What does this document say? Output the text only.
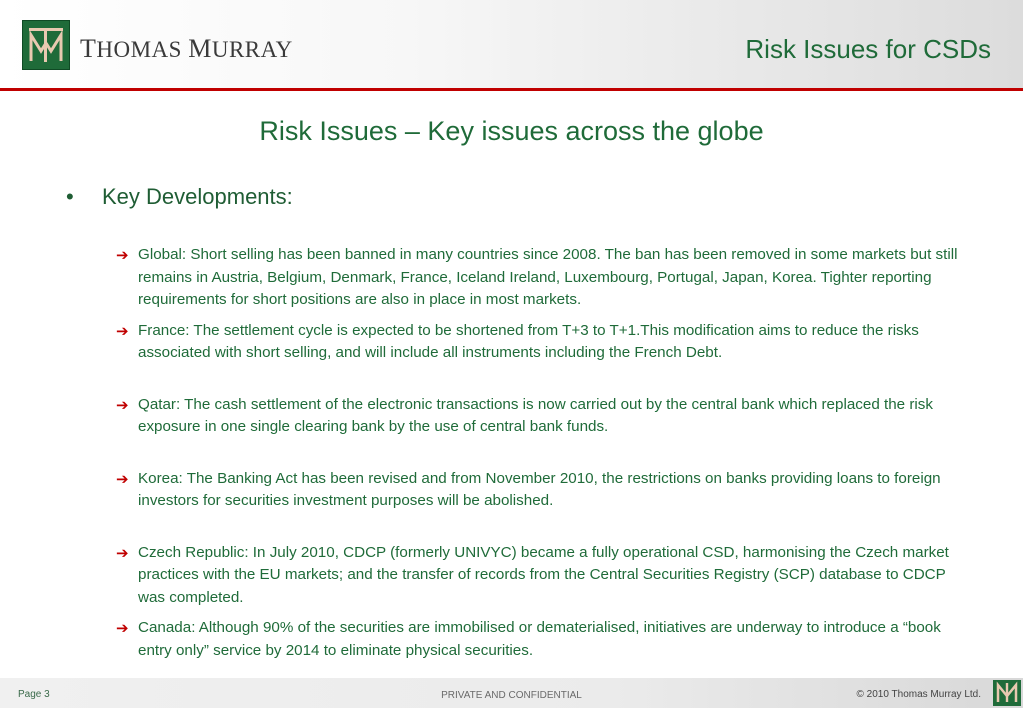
THOMAS MURRAY	Risk Issues for CSDs
Risk Issues – Key issues across the globe
• Key Developments:
➔ Global: Short selling has been banned in many countries since 2008. The ban has been removed in some markets but still remains in Austria, Belgium, Denmark, France, Iceland Ireland, Luxembourg, Portugal, Japan, Korea. Tighter reporting requirements for short positions are also in place in most markets.
➔ France: The settlement cycle is expected to be shortened from T+3 to T+1.This modification aims to reduce the risks associated with short selling, and will include all instruments including the French Debt.
➔ Qatar: The cash settlement of the electronic transactions is now carried out by the central bank which replaced the risk exposure in one single clearing bank by the use of central bank funds.
➔ Korea: The Banking Act has been revised and from November 2010, the restrictions on banks providing loans to foreign investors for securities investment purposes will be abolished.
➔ Czech Republic: In July 2010, CDCP (formerly UNIVYC) became a fully operational CSD, harmonising the Czech market practices with the EU markets; and the transfer of records from the Central Securities Registry (SCP) database to CDCP was completed.
➔ Canada: Although 90% of the securities are immobilised or dematerialised, initiatives are underway to introduce a “book entry only” service by 2014 to eliminate physical securities.
Page 3	PRIVATE AND CONFIDENTIAL	© 2010 Thomas Murray Ltd.
